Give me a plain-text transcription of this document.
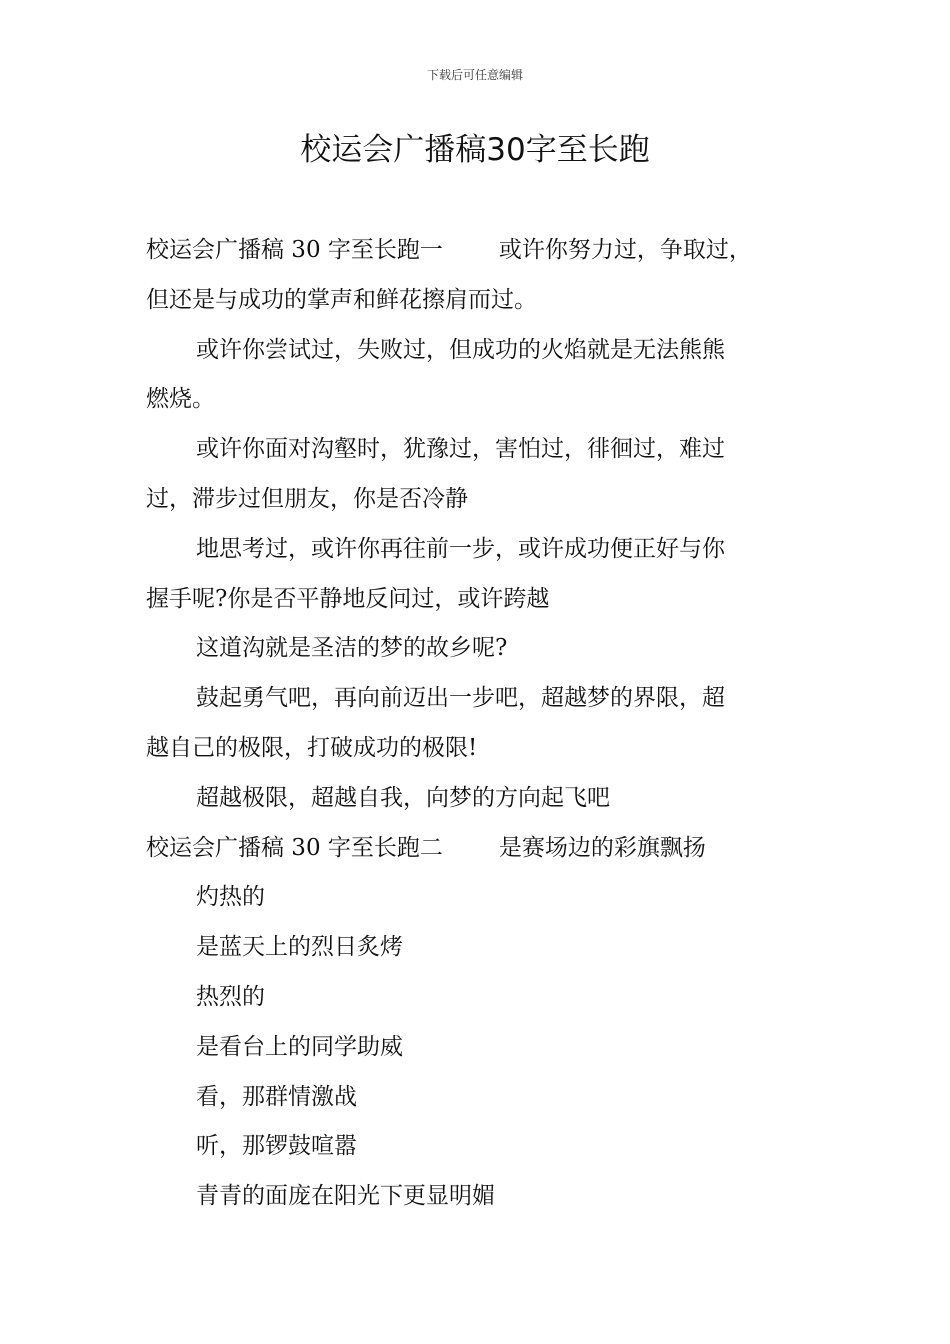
下载后可任意编辑
校运会广播稿30字至长跑
校运会广播稿 30 字至长跑一 或许你努力过，争取过，
但还是与成功的掌声和鲜花擦肩而过。
或许你尝试过，失败过，但成功的火焰就是无法熊熊
燃烧。
或许你面对沟壑时，犹豫过，害怕过，徘徊过，难过
过，滞步过但朋友，你是否冷静
地思考过，或许你再往前一步，或许成功便正好与你
握手呢?你是否平静地反问过，或许跨越
这道沟就是圣洁的梦的故乡呢?
鼓起勇气吧，再向前迈出一步吧，超越梦的界限，超
越自己的极限，打破成功的极限!
超越极限，超越自我，向梦的方向起飞吧
校运会广播稿 30 字至长跑二 是赛场边的彩旗飘扬
灼热的
是蓝天上的烈日炙烤
热烈的
是看台上的同学助威
看，那群情激战
听，那锣鼓喧嚣
青青的面庞在阳光下更显明媚
